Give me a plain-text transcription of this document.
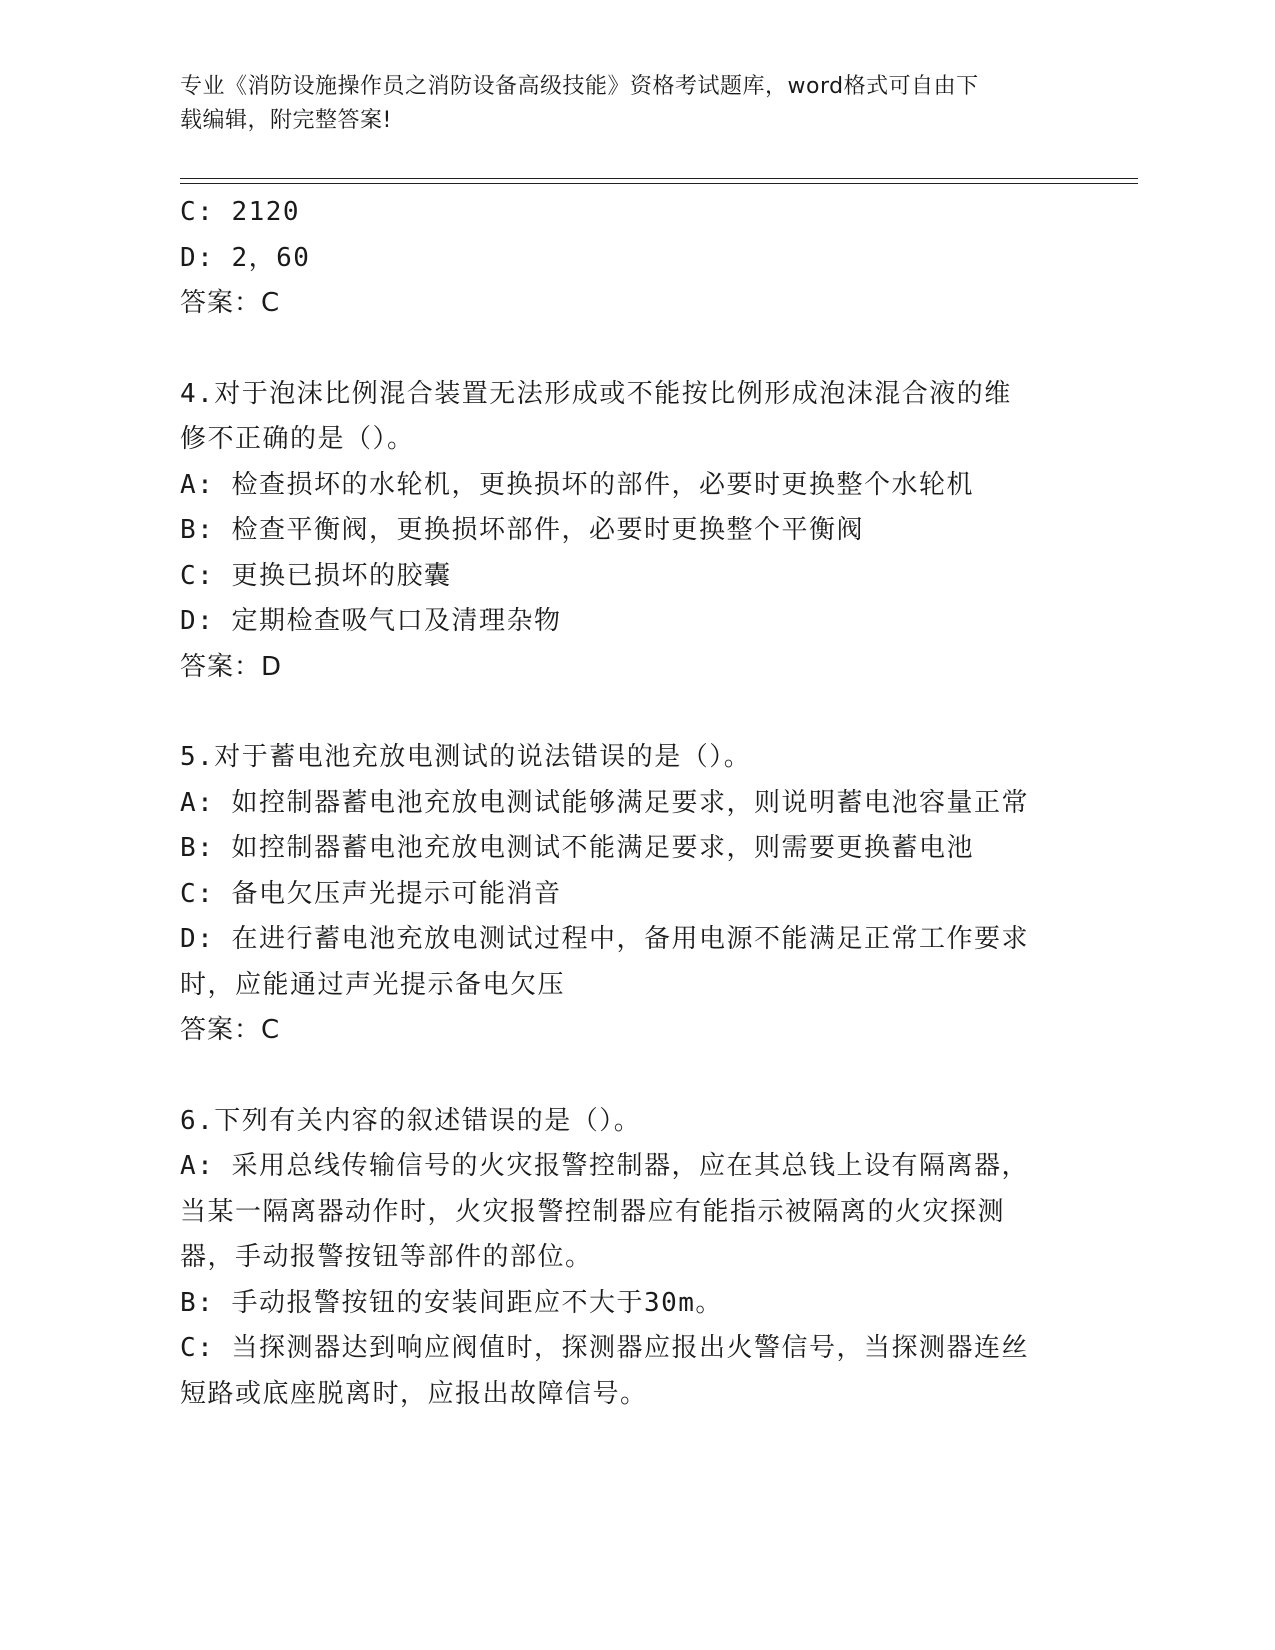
专业《消防设施操作员之消防设备高级技能》资格考试题库，word格式可自由下
载编辑，附完整答案!
C: 2120
D: 2，60
答案：C
4.对于泡沫比例混合装置无法形成或不能按比例形成泡沫混合液的维
修不正确的是（）。
A: 检查损坏的水轮机，更换损坏的部件，必要时更换整个水轮机
B: 检查平衡阀，更换损坏部件，必要时更换整个平衡阀
C: 更换已损坏的胶囊
D: 定期检查吸气口及清理杂物
答案：D
5.对于蓄电池充放电测试的说法错误的是（）。
A: 如控制器蓄电池充放电测试能够满足要求，则说明蓄电池容量正常
B: 如控制器蓄电池充放电测试不能满足要求，则需要更换蓄电池
C: 备电欠压声光提示可能消音
D: 在进行蓄电池充放电测试过程中，备用电源不能满足正常工作要求
时，应能通过声光提示备电欠压
答案：C
6.下列有关内容的叙述错误的是（）。
A: 采用总线传输信号的火灾报警控制器，应在其总钱上设有隔离器，
当某一隔离器动作时，火灾报警控制器应有能指示被隔离的火灾探测
器，手动报警按钮等部件的部位。
B: 手动报警按钮的安装间距应不大于30m。
C: 当探测器达到响应阀值时，探测器应报出火警信号，当探测器连丝
短路或底座脱离时，应报出故障信号。
